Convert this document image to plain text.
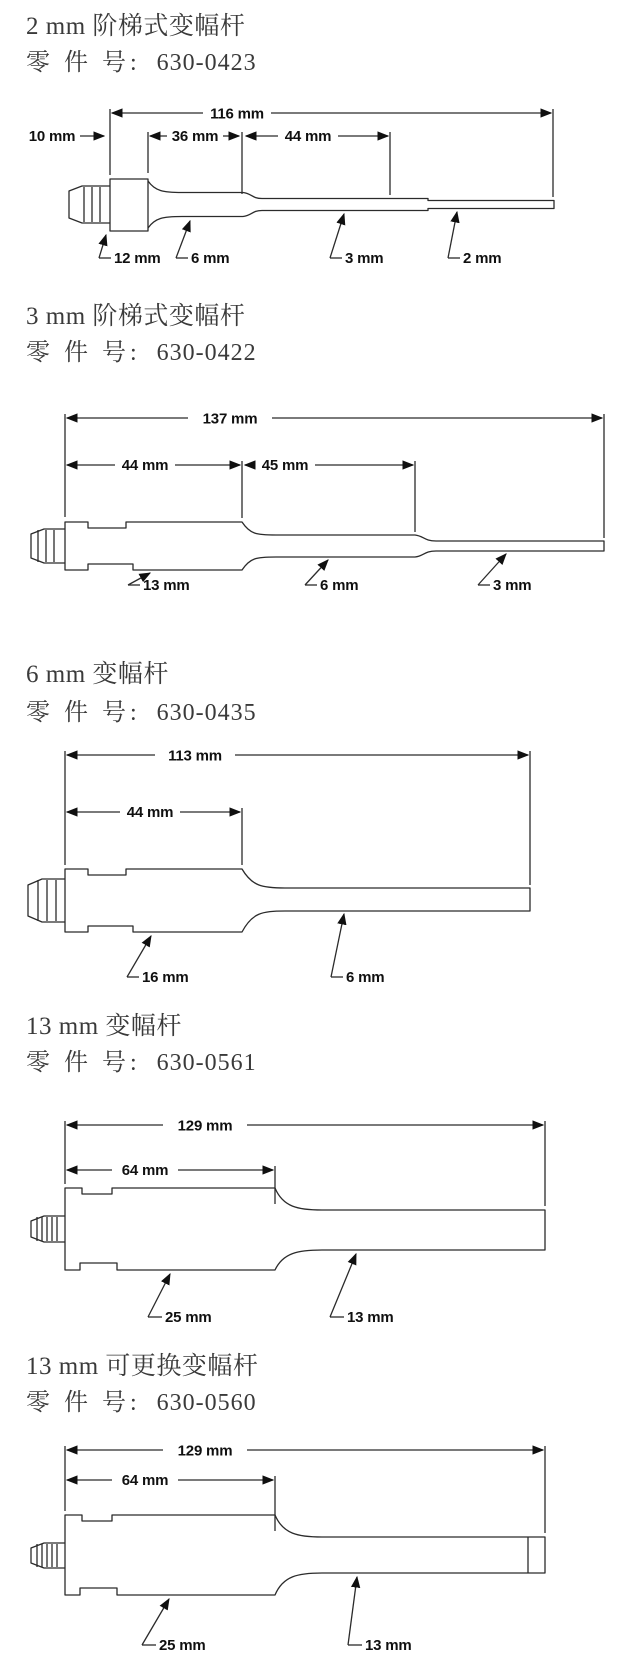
2 mm 阶梯式变幅杆
零 件 号: 630-0423
116 mm
10 mm	36 mm	44 mm
12 mm 6 mm	3 mm	2 mm
3 mm 阶梯式变幅杆
零 件 号: 630-0422
137 mm
44 mm	45 mm
13 mm	6 mm	3 mm
6 mm 变幅杆
零 件 号: 630-0435
113 mm
44 mm
16 mm	6 mm
13 mm 变幅杆
零 件 号: 630-0561
129 mm
64 mm
25 mm	13 mm
13 mm 可更换变幅杆
零 件 号: 630-0560
129 mm
64 mm
25 mm	13 mm
